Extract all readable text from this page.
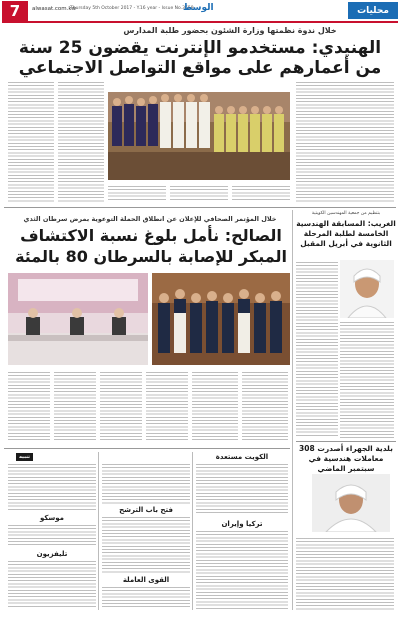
7	alwasat.com.kw
Thursday 5th October 2017 - Y.16 year - Issue No.3659
الوسط	محليات
خلال ندوة نظمتها وزارة الشئون بحضور طلبة المدارس
الهنيدي: مستخدمو الإنترنت يقضون 25 سنة من أعمارهم على مواقع التواصل الاجتماعي
خلال المؤتمر الصحافي للإعلان عن انطلاق الحملة التوعوية بمرض سرطان الثدي
الصالح: نأمل بلوغ نسبة الاكتشاف المبكر للإصابة بالسرطان 80 بالمئة
بتنظيم من جمعية المهندسين الكويتية
الغريب: المسابقة الهندسية الخامسة لطلبة المرحلة الثانوية في أبريل المقبل
بلدية الجهراء أصدرت 308 معاملات هندسية في سبتمبر الماضي
تنبيه	الكويت مستعدة
تركيا وإيران
موسكو
تليفزيون
فتح باب الترشح
القوى العاملة
